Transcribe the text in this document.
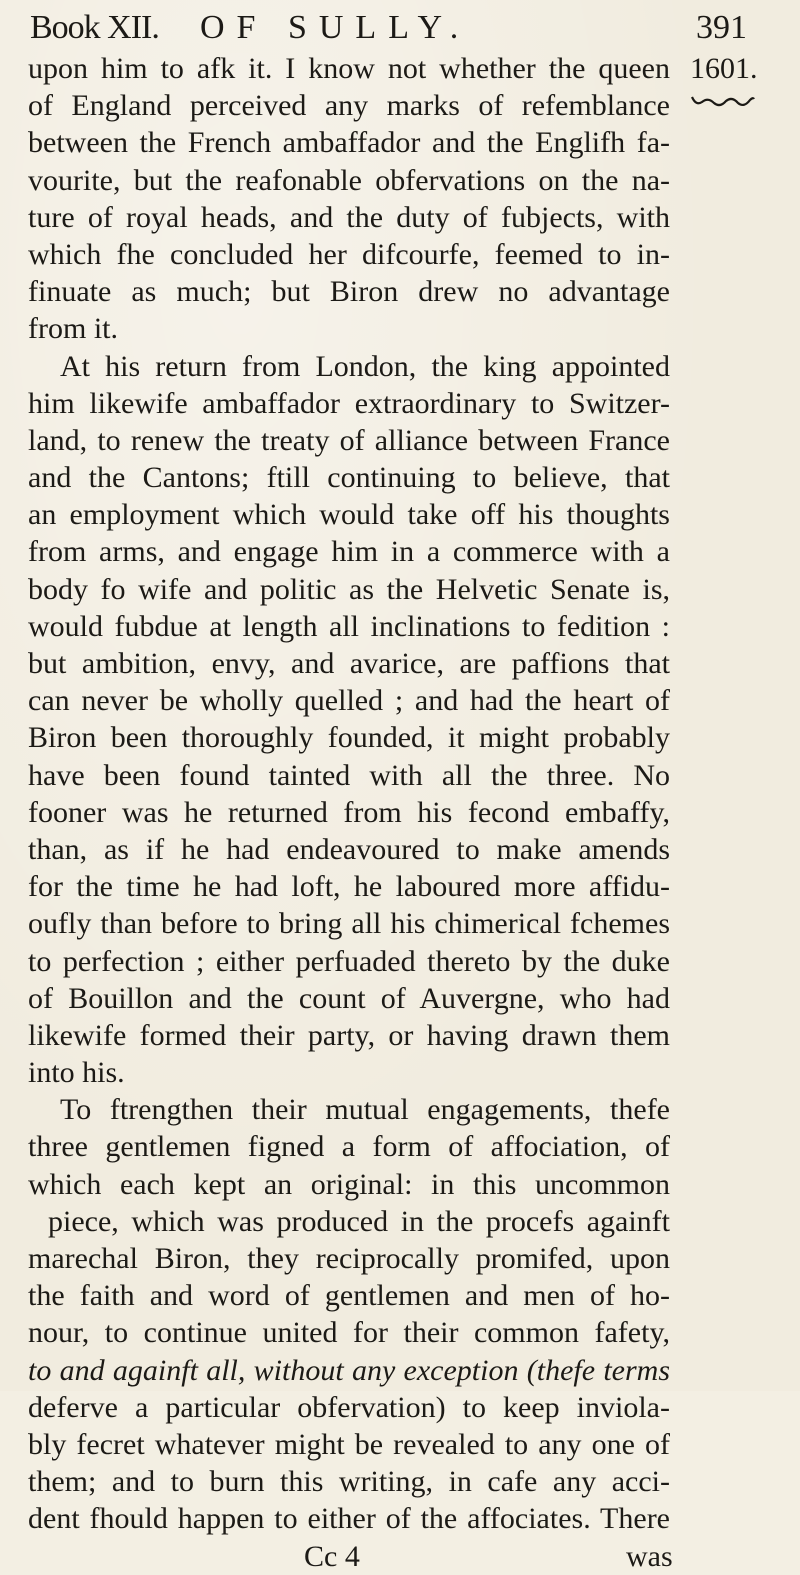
Book XII. OF SULLY.	391
1601.
upon him to afk it. I know not whether the queen
of England perceived any marks of refemblance
between the French ambaffador and the Englifh fa-
vourite, but the reafonable obfervations on the na-
ture of royal heads, and the duty of fubjects, with
which fhe concluded her difcourfe, feemed to in-
finuate as much; but Biron drew no advantage
from it.
At his return from London, the king appointed
him likewife ambaffador extraordinary to Switzer-
land, to renew the treaty of alliance between France
and the Cantons; ftill continuing to believe, that
an employment which would take off his thoughts
from arms, and engage him in a commerce with a
body fo wife and politic as the Helvetic Senate is,
would fubdue at length all inclinations to fedition :
but ambition, envy, and avarice, are paffions that
can never be wholly quelled ; and had the heart of
Biron been thoroughly founded, it might probably
have been found tainted with all the three. No
fooner was he returned from his fecond embaffy,
than, as if he had endeavoured to make amends
for the time he had loft, he laboured more affidu-
oufly than before to bring all his chimerical fchemes
to perfection ; either perfuaded thereto by the duke
of Bouillon and the count of Auvergne, who had
likewife formed their party, or having drawn them
into his.
To ftrengthen their mutual engagements, thefe
three gentlemen figned a form of affociation, of
which each kept an original: in this uncommon
piece, which was produced in the procefs againft
marechal Biron, they reciprocally promifed, upon
the faith and word of gentlemen and men of ho-
nour, to continue united for their common fafety,
to and againft all, without any exception (thefe terms
deferve a particular obfervation) to keep inviola-
bly fecret whatever might be revealed to any one of
them; and to burn this writing, in cafe any acci-
dent fhould happen to either of the affociates. There
Cc 4	was
